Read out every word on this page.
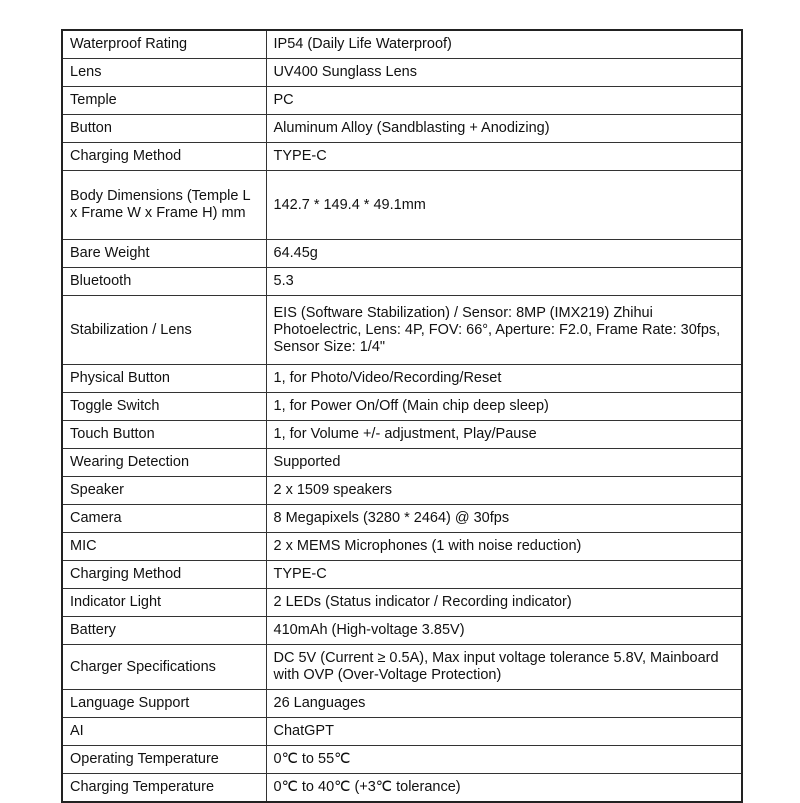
Waterproof Rating	IP54 (Daily Life Waterproof)
Lens	UV400 Sunglass Lens
Temple	PC
Button	Aluminum Alloy (Sandblasting + Anodizing)
Charging Method	TYPE-C
Body Dimensions (Temple L x Frame W x Frame H) mm	142.7 * 149.4 * 49.1mm
Bare Weight	64.45g
Bluetooth	5.3
Stabilization / Lens	EIS (Software Stabilization) / Sensor: 8MP (IMX219) Zhihui Photoelectric, Lens: 4P, FOV: 66°, Aperture: F2.0, Frame Rate: 30fps, Sensor Size: 1/4"
Physical Button	1, for Photo/Video/Recording/Reset
Toggle Switch	1, for Power On/Off (Main chip deep sleep)
Touch Button	1, for Volume +/- adjustment, Play/Pause
Wearing Detection	Supported
Speaker	2 x 1509 speakers
Camera	8 Megapixels (3280 * 2464) @ 30fps
MIC	2 x MEMS Microphones (1 with noise reduction)
Charging Method	TYPE-C
Indicator Light	2 LEDs (Status indicator / Recording indicator)
Battery	410mAh (High-voltage 3.85V)
Charger Specifications	DC 5V (Current ≥ 0.5A), Max input voltage tolerance 5.8V, Mainboard with OVP (Over-Voltage Protection)
Language Support	26 Languages
AI	ChatGPT
Operating Temperature	0℃ to 55℃
Charging Temperature	0℃ to 40℃ (+3℃ tolerance)
